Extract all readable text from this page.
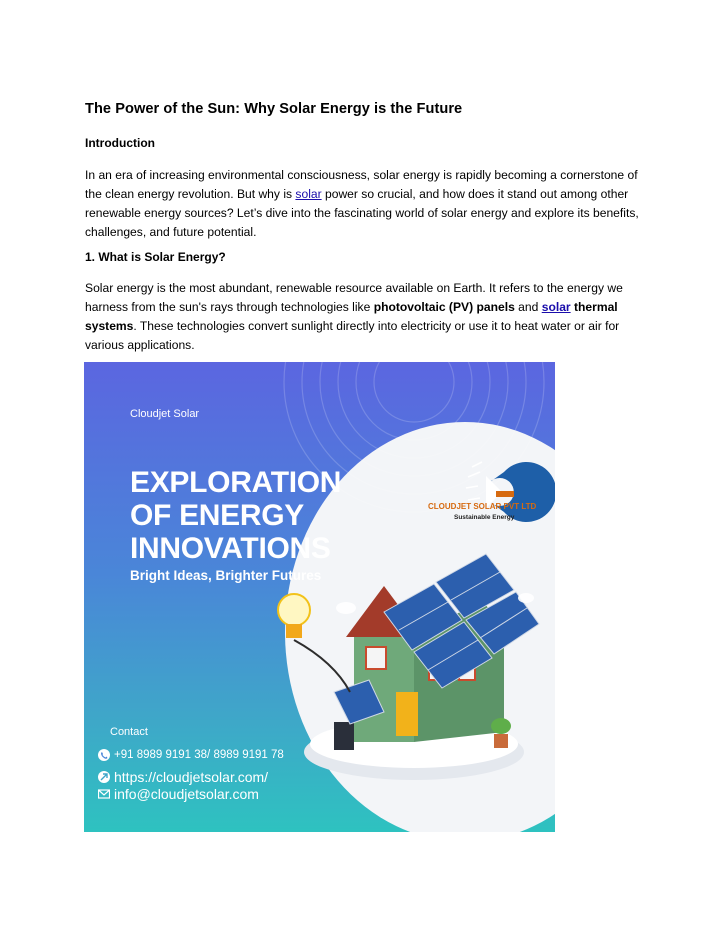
The Power of the Sun: Why Solar Energy is the Future
Introduction

In an era of increasing environmental consciousness, solar energy is rapidly becoming a cornerstone of the clean energy revolution. But why is solar power so crucial, and how does it stand out among other renewable energy sources? Let’s dive into the fascinating world of solar energy and explore its benefits, challenges, and future potential.

1. What is Solar Energy?

Solar energy is the most abundant, renewable resource available on Earth. It refers to the energy we harness from the sun's rays through technologies like photovoltaic (PV) panels and solar thermal systems. These technologies convert sunlight directly into electricity or use it to heat water or air for various applications.

Cloudjet Solar
EXPLORATION
OF ENERGY
INNOVATIONS
Bright Ideas, Brighter Futures
CLOUDJET SOLAR PVT LTD
Sustainable Energy
Contact
+91 8989 9191 38/ 8989 9191 78
https://cloudjetsolar.com/
info@cloudjetsolar.com
